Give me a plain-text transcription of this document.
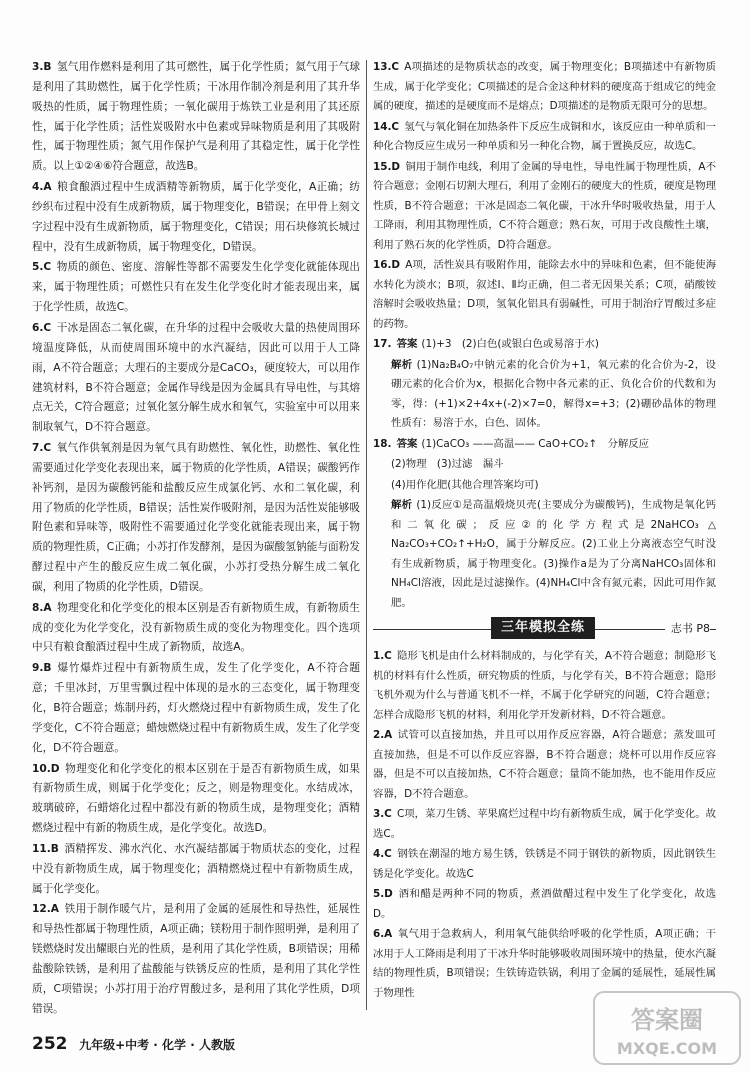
3.B  氢气用作燃料是利用了其可燃性，属于化学性质；氦气用于气球是利用了其助燃性，属于化学性质；干冰用作制冷剂是利用了其升华吸热的性质，属于物理性质；一氧化碳用于炼铁工业是利用了其还原性，属于化学性质；活性炭吸附水中色素或异味物质是利用了其吸附性，属于物理性质；氮气用作保护气是利用了其稳定性，属于化学性质。以上①②④⑥符合题意，故选B。
4.A  粮食酿酒过程中生成酒精等新物质，属于化学变化，A正确；纺纱织布过程中没有生成新物质，属于物理变化，B错误；在甲骨上刻文字过程中没有生成新物质，属于物理变化，C错误；用石块修筑长城过程中，没有生成新物质，属于物理变化，D错误。
5.C  物质的颜色、密度、溶解性等都不需要发生化学变化就能体现出来，属于物理性质；可燃性只有在发生化学变化时才能表现出来，属于化学性质，故选C。
6.C  干冰是固态二氧化碳，在升华的过程中会吸收大量的热使周围环境温度降低，从而使周围环境中的水汽凝结，因此可以用于人工降雨，A不符合题意；大理石的主要成分是CaCO₃，硬度较大，可以用作建筑材料，B不符合题意；金属作导线是因为金属具有导电性，与其熔点无关，C符合题意；过氧化氢分解生成水和氧气，实验室中可以用来制取氧气，D不符合题意。
7.C  氧气作供氧剂是因为氧气具有助燃性、氧化性，助燃性、氧化性需要通过化学变化表现出来，属于物质的化学性质，A错误；碳酸钙作补钙剂，是因为碳酸钙能和盐酸反应生成氯化钙、水和二氧化碳，利用了物质的化学性质，B错误；活性炭作吸附剂，是因为活性炭能够吸附色素和异味等，吸附性不需要通过化学变化就能表现出来，属于物质的物理性质，C正确；小苏打作发酵剂，是因为碳酸氢钠能与面粉发酵过程中产生的酸反应生成二氧化碳，小苏打受热分解生成二氧化碳，利用了物质的化学性质，D错误。
8.A  物理变化和化学变化的根本区别是否有新物质生成，有新物质生成的变化为化学变化，没有新物质生成的变化为物理变化。四个选项中只有粮食酿酒过程中生成了新物质，故选A。
9.B  爆竹爆炸过程中有新物质生成，发生了化学变化，A不符合题意；千里冰封，万里雪飘过程中体现的是水的三态变化，属于物理变化，B符合题意；炼制丹药，灯火燃烧过程中有新物质生成，发生了化学变化，C不符合题意；蜡烛燃烧过程中有新物质生成，发生了化学变化，D不符合题意。
10.D  物理变化和化学变化的根本区别在于是否有新物质生成，如果有新物质生成，则属于化学变化；反之，则是物理变化。水结成冰，玻璃破碎，石蜡熔化过程中都没有新的物质生成，是物理变化；酒精燃烧过程中有新的物质生成，是化学变化。故选D。
11.B  酒精挥发、沸水汽化、水汽凝结都属于物质状态的变化，过程中没有新物质生成，属于物理变化；酒精燃烧过程中有新物质生成，属于化学变化。
12.A  铁用于制作暖气片，是利用了金属的延展性和导热性，延展性和导热性都属于物理性质，A项正确；镁粉用于制作照明弹，是利用了镁燃烧时发出耀眼白光的性质，是利用了其化学性质，B项错误；用稀盐酸除铁锈，是利用了盐酸能与铁锈反应的性质，是利用了其化学性质，C项错误；小苏打用于治疗胃酸过多，是利用了其化学性质，D项错误。
13.C  A项描述的是物质状态的改变，属于物理变化；B项描述中有新物质生成，属于化学变化；C项描述的是合金这种材料的硬度高于组成它的纯金属的硬度，描述的是硬度而不是熔点；D项描述的是物质无限可分的思想。
14.C  氢气与氧化铜在加热条件下反应生成铜和水，该反应由一种单质和一种化合物反应生成另一种单质和另一种化合物，属于置换反应，故选C。
15.D  铜用于制作电线，利用了金属的导电性，导电性属于物理性质，A不符合题意；金刚石切割大理石，利用了金刚石的硬度大的性质，硬度是物理性质，B不符合题意；干冰是固态二氧化碳，干冰升华时吸收热量，用于人工降雨，利用其物理性质，C不符合题意；熟石灰，可用于改良酸性土壤，利用了熟石灰的化学性质，D符合题意。
16.D  A项，活性炭具有吸附作用，能除去水中的异味和色素，但不能使海水转化为淡水；B项，叙述Ⅰ、Ⅱ均正确，但二者无因果关系；C项，硝酸铵溶解时会吸收热量；D项，氢氧化铝具有弱碱性，可用于制治疗胃酸过多症的药物。
17.  答案 (1)+3　(2)白色(或银白色或易溶于水)
解析 (1)Na₂B₄O₇中钠元素的化合价为+1，氧元素的化合价为-2，设硼元素的化合价为x，根据化合物中各元素的正、负化合价的代数和为零，得：(+1)×2+4x+(-2)×7=0，解得x=+3；(2)硼砂晶体的物理性质有：易溶于水，白色、固体。
18.  答案 (1)CaCO₃ ——高温—— CaO+CO₂↑　分解反应
(2)物理　(3)过滤　漏斗
(4)用作化肥(其他合理答案均可)
解析 (1)反应①是高温煅烧贝壳(主要成分为碳酸钙)，生成物是氧化钙和二氧化碳；反应②的化学方程式是2NaHCO₃ △ Na₂CO₃+CO₂↑+H₂O，属于分解反应。(2)工业上分离液态空气时没有生成新物质，属于物理变化。(3)操作a是为了分离NaHCO₃固体和NH₄Cl溶液，因此是过滤操作。(4)NH₄Cl中含有氮元素，因此可用作氮肥。
三年模拟全练	志书 P8
1.C  隐形飞机是由什么材料制成的，与化学有关，A不符合题意；制隐形飞机的材料有什么性质，研究物质的性质，与化学有关，B不符合题意；隐形飞机外观为什么与普通飞机不一样，不属于化学研究的问题，C符合题意；怎样合成隐形飞机的材料，利用化学开发新材料，D不符合题意。
2.A  试管可以直接加热，并且可以用作反应容器，A符合题意；蒸发皿可直接加热，但是不可以作反应容器，B不符合题意；烧杯可以用作反应容器，但是不可以直接加热，C不符合题意；量筒不能加热，也不能用作反应容器，D不符合题意。
3.C  C项，菜刀生锈、苹果腐烂过程中均有新物质生成，属于化学变化。故选C。
4.C  钢铁在潮湿的地方易生锈，铁锈是不同于钢铁的新物质，因此钢铁生锈是化学变化。故选C
5.D  酒和醋是两种不同的物质，煮酒做醋过程中发生了化学变化，故选D。
6.A  氧气用于急救病人，利用氧气能供给呼吸的化学性质，A项正确；干冰用于人工降雨是利用了干冰升华时能够吸收周围环境中的热量，使水汽凝结的物理性质，B项错误；生铁铸造铁锅，利用了金属的延展性，延展性属于物理性
252 九年级+中考 · 化学 · 人教版
答案圈
MXQE.COM
